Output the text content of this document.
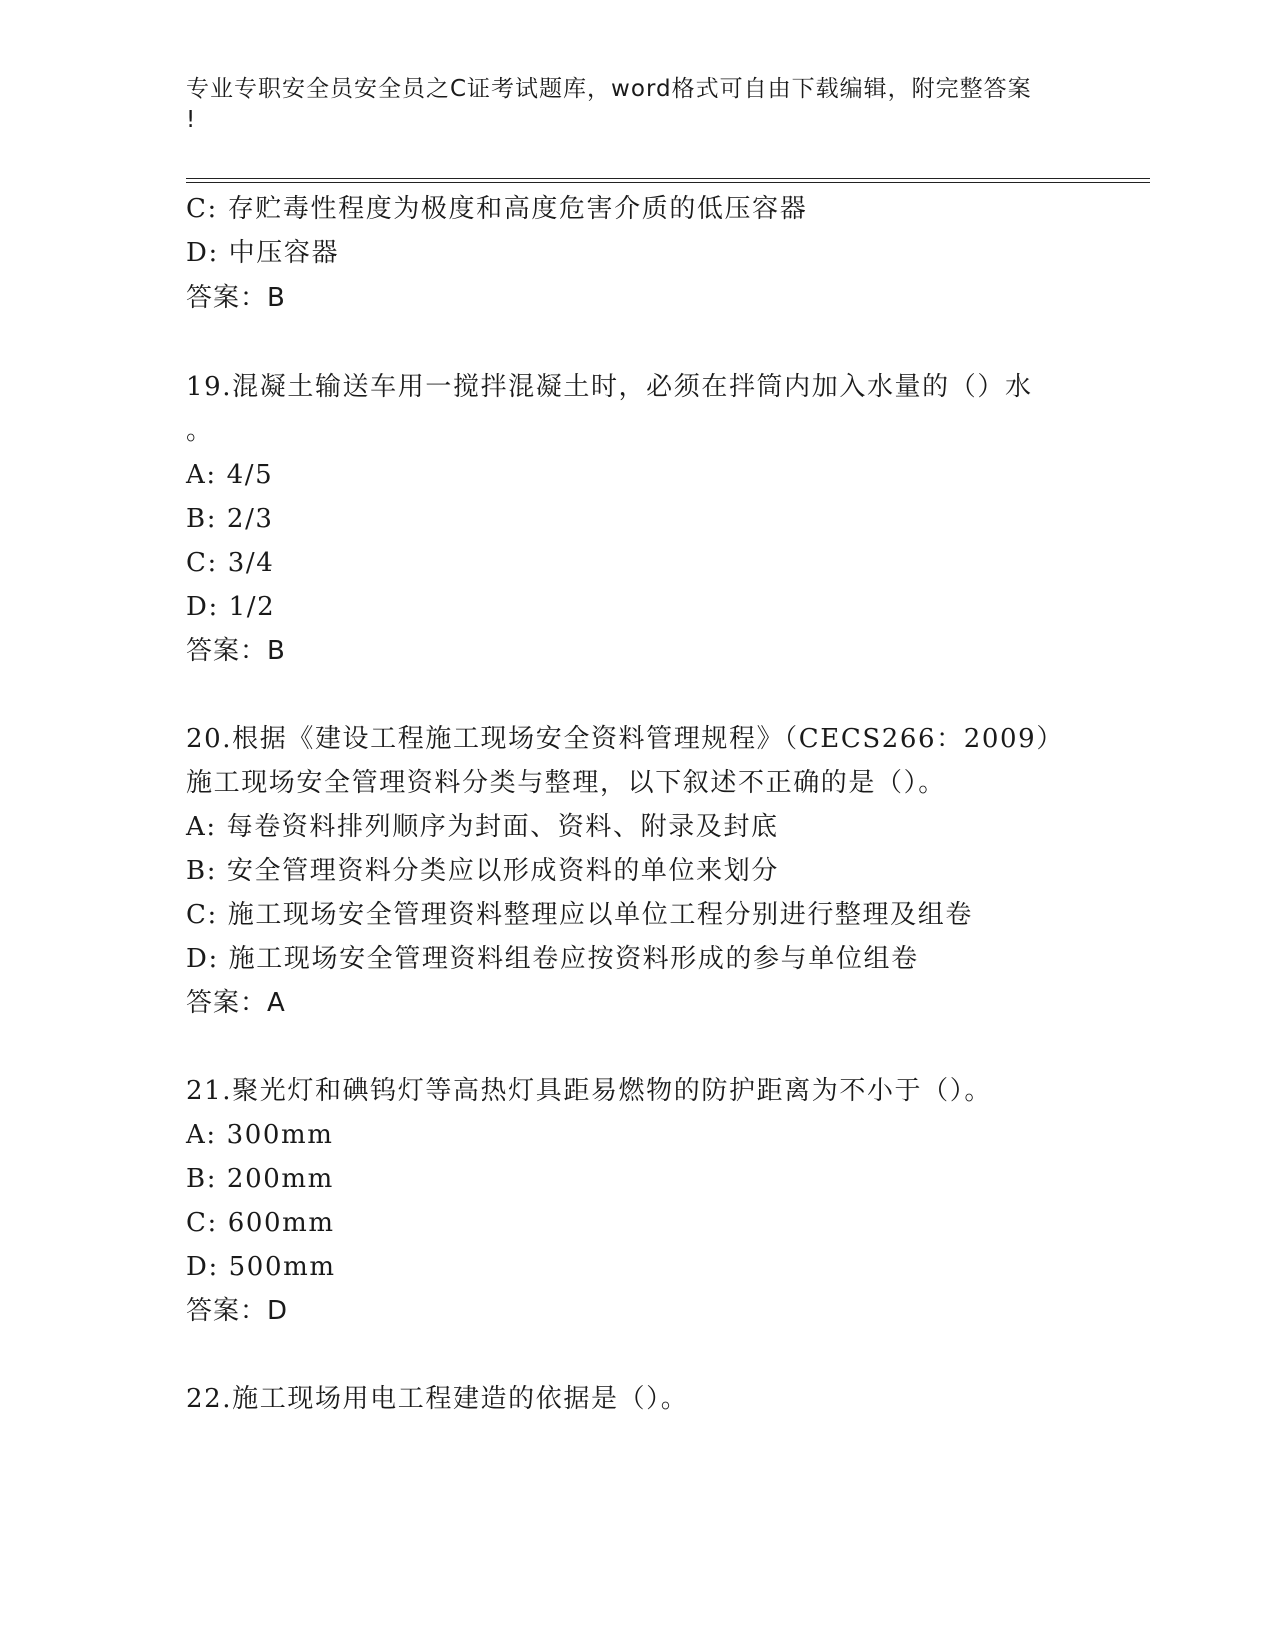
专业专职安全员安全员之C证考试题库，word格式可自由下载编辑，附完整答案
!
C: 存贮毒性程度为极度和高度危害介质的低压容器
D: 中压容器
答案：B
19.混凝土输送车用一搅拌混凝土时，必须在拌筒内加入水量的（）水
。
A: 4/5
B: 2/3
C: 3/4
D: 1/2
答案：B
20.根据《建设工程施工现场安全资料管理规程》（CECS266：2009）
施工现场安全管理资料分类与整理，以下叙述不正确的是（）。
A: 每卷资料排列顺序为封面、资料、附录及封底
B: 安全管理资料分类应以形成资料的单位来划分
C: 施工现场安全管理资料整理应以单位工程分别进行整理及组卷
D: 施工现场安全管理资料组卷应按资料形成的参与单位组卷
答案：A
21.聚光灯和碘钨灯等高热灯具距易燃物的防护距离为不小于（）。
A: 300mm
B: 200mm
C: 600mm
D: 500mm
答案：D
22.施工现场用电工程建造的依据是（）。
